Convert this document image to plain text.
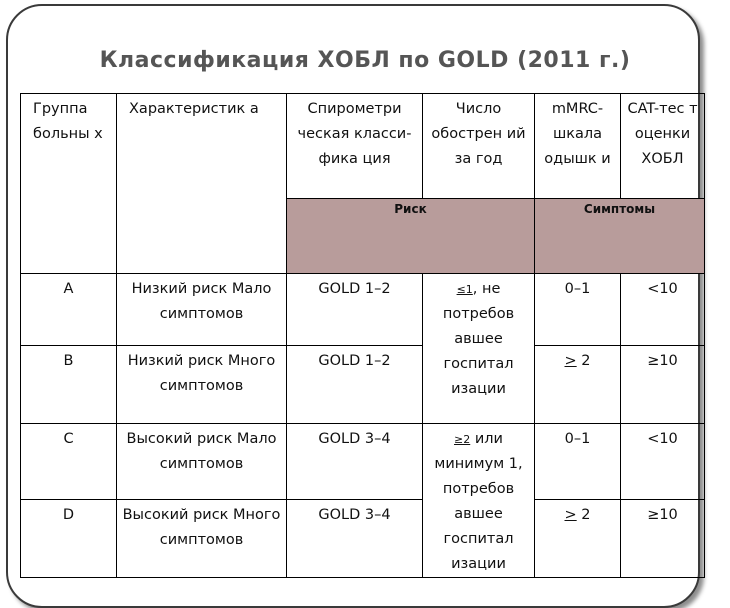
Классификация ХОБЛ по GOLD (2011 г.)
Группа больны х	Характеристик а	Спирометри ческая класси-фика ция	Число обострен ий за год	mMRC- шкала одышк и	CAT-тес т оценки ХОБЛ
		Риск		Симптомы	
A	Низкий риск Мало симптомов	GOLD 1–2	≤1, не потребов авшее госпитал изации	0–1	<10
B	Низкий риск Много симптомов	GOLD 1–2		≥ 2	≥10
C	Высокий риск Мало симптомов	GOLD 3–4	≥2 или минимум 1, потребов авшее госпитал изации	0–1	<10
D	Высокий риск Много симптомов	GOLD 3–4		≥ 2	≥10
